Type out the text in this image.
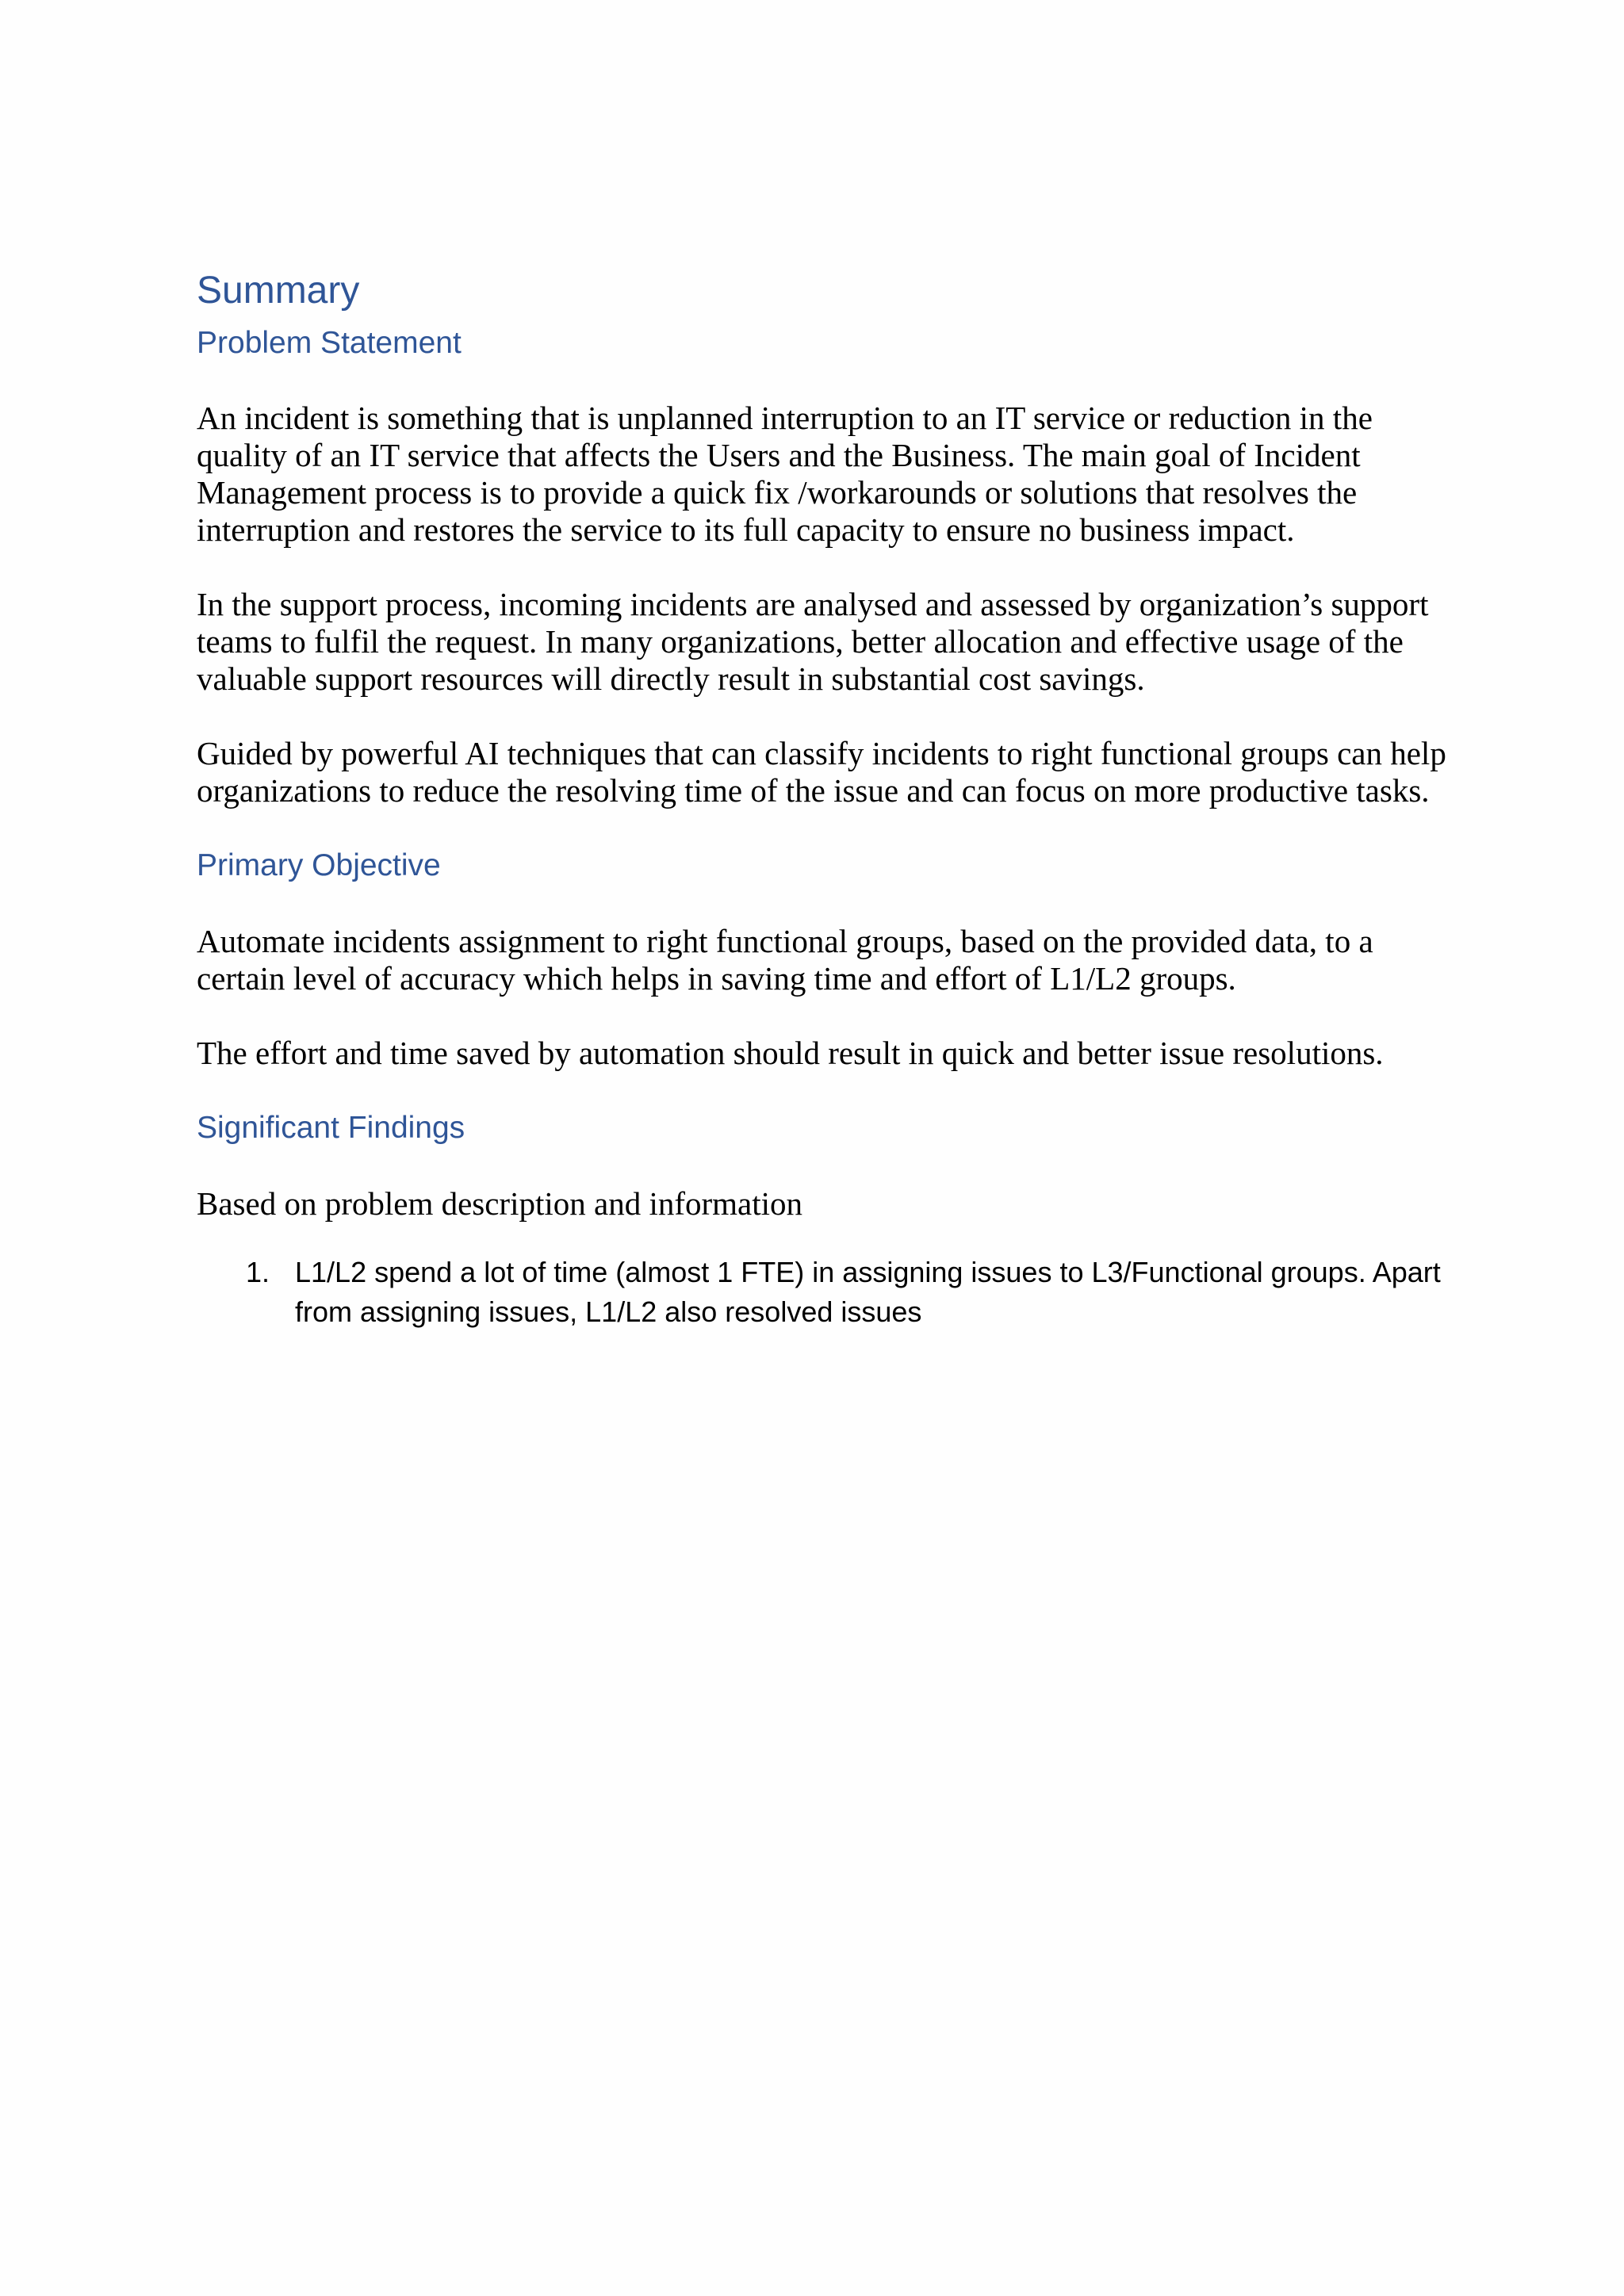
Summary
Problem Statement

An incident is something that is unplanned interruption to an IT service or reduction in the quality of an IT service that affects the Users and the Business. The main goal of Incident Management process is to provide a quick fix /workarounds or solutions that resolves the interruption and restores the service to its full capacity to ensure no business impact.

In the support process, incoming incidents are analysed and assessed by organization’s support teams to fulfil the request. In many organizations, better allocation and effective usage of the valuable support resources will directly result in substantial cost savings.

Guided by powerful AI techniques that can classify incidents to right functional groups can help organizations to reduce the resolving time of the issue and can focus on more productive tasks.

Primary Objective

Automate incidents assignment to right functional groups, based on the provided data, to a certain level of accuracy which helps in saving time and effort of L1/L2 groups.

The effort and time saved by automation should result in quick and better issue resolutions.

Significant Findings

Based on problem description and information

1. L1/L2 spend a lot of time (almost 1 FTE) in assigning issues to L3/Functional groups. Apart from assigning issues, L1/L2 also resolved issues
